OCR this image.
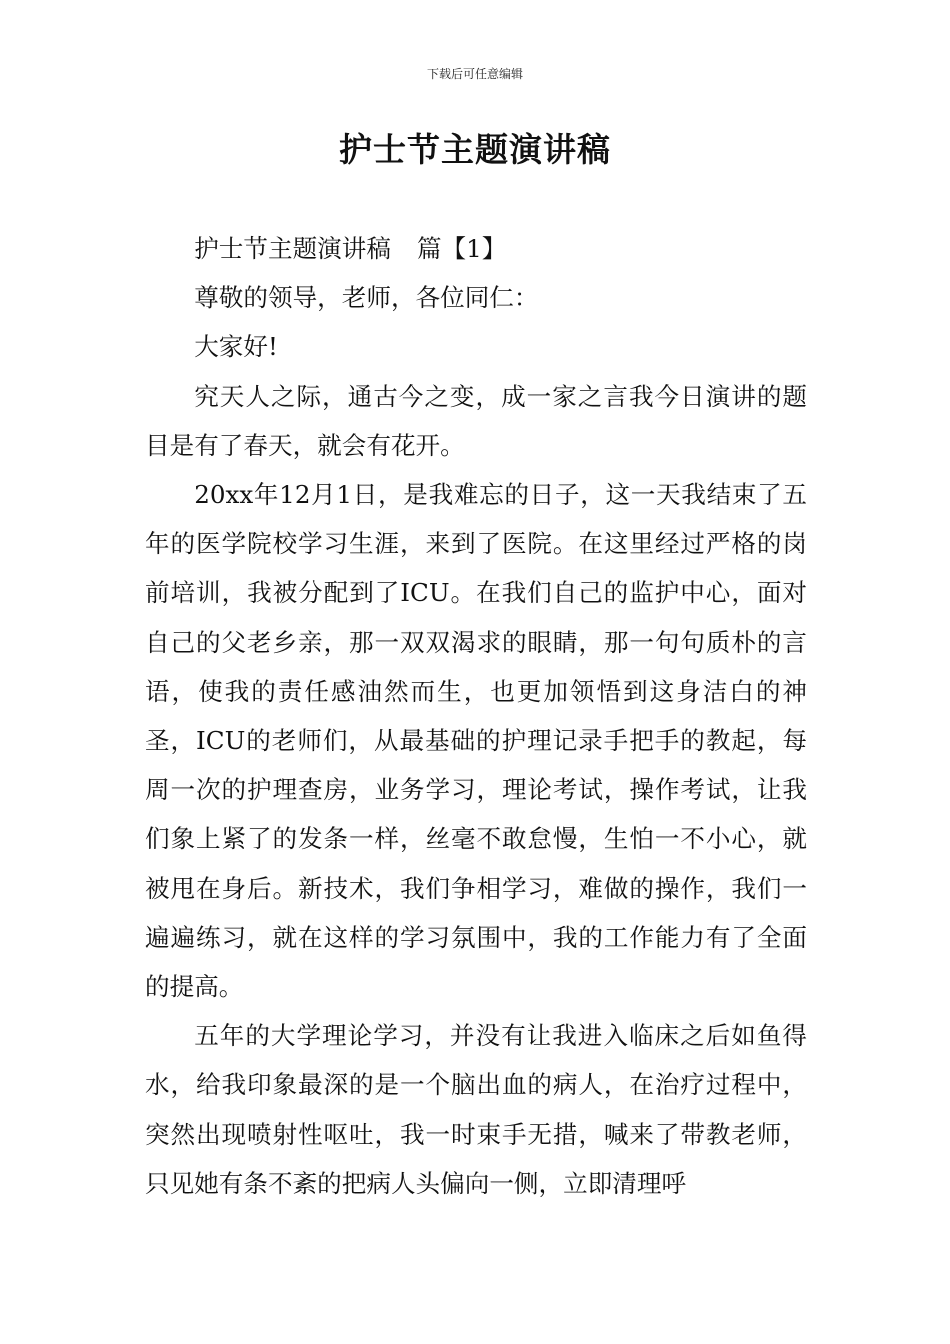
下载后可任意编辑
护士节主题演讲稿

护士节主题演讲稿 篇【1】

尊敬的领导，老师，各位同仁：

大家好!

究天人之际，通古今之变，成一家之言我今日演讲的题目是有了春天，就会有花开。

20xx年12月1日，是我难忘的日子，这一天我结束了五年的医学院校学习生涯，来到了医院。在这里经过严格的岗前培训，我被分配到了ICU。在我们自己的监护中心，面对自己的父老乡亲，那一双双渴求的眼睛，那一句句质朴的言语，使我的责任感油然而生，也更加领悟到这身洁白的神圣，ICU的老师们，从最基础的护理记录手把手的教起，每周一次的护理查房，业务学习，理论考试，操作考试，让我们象上紧了的发条一样，丝毫不敢怠慢，生怕一不小心，就被甩在身后。新技术，我们争相学习，难做的操作，我们一遍遍练习，就在这样的学习氛围中，我的工作能力有了全面的提高。

五年的大学理论学习，并没有让我进入临床之后如鱼得水，给我印象最深的是一个脑出血的病人，在治疗过程中，突然出现喷射性呕吐，我一时束手无措，喊来了带教老师，只见她有条不紊的把病人头偏向一侧，立即清理呼
